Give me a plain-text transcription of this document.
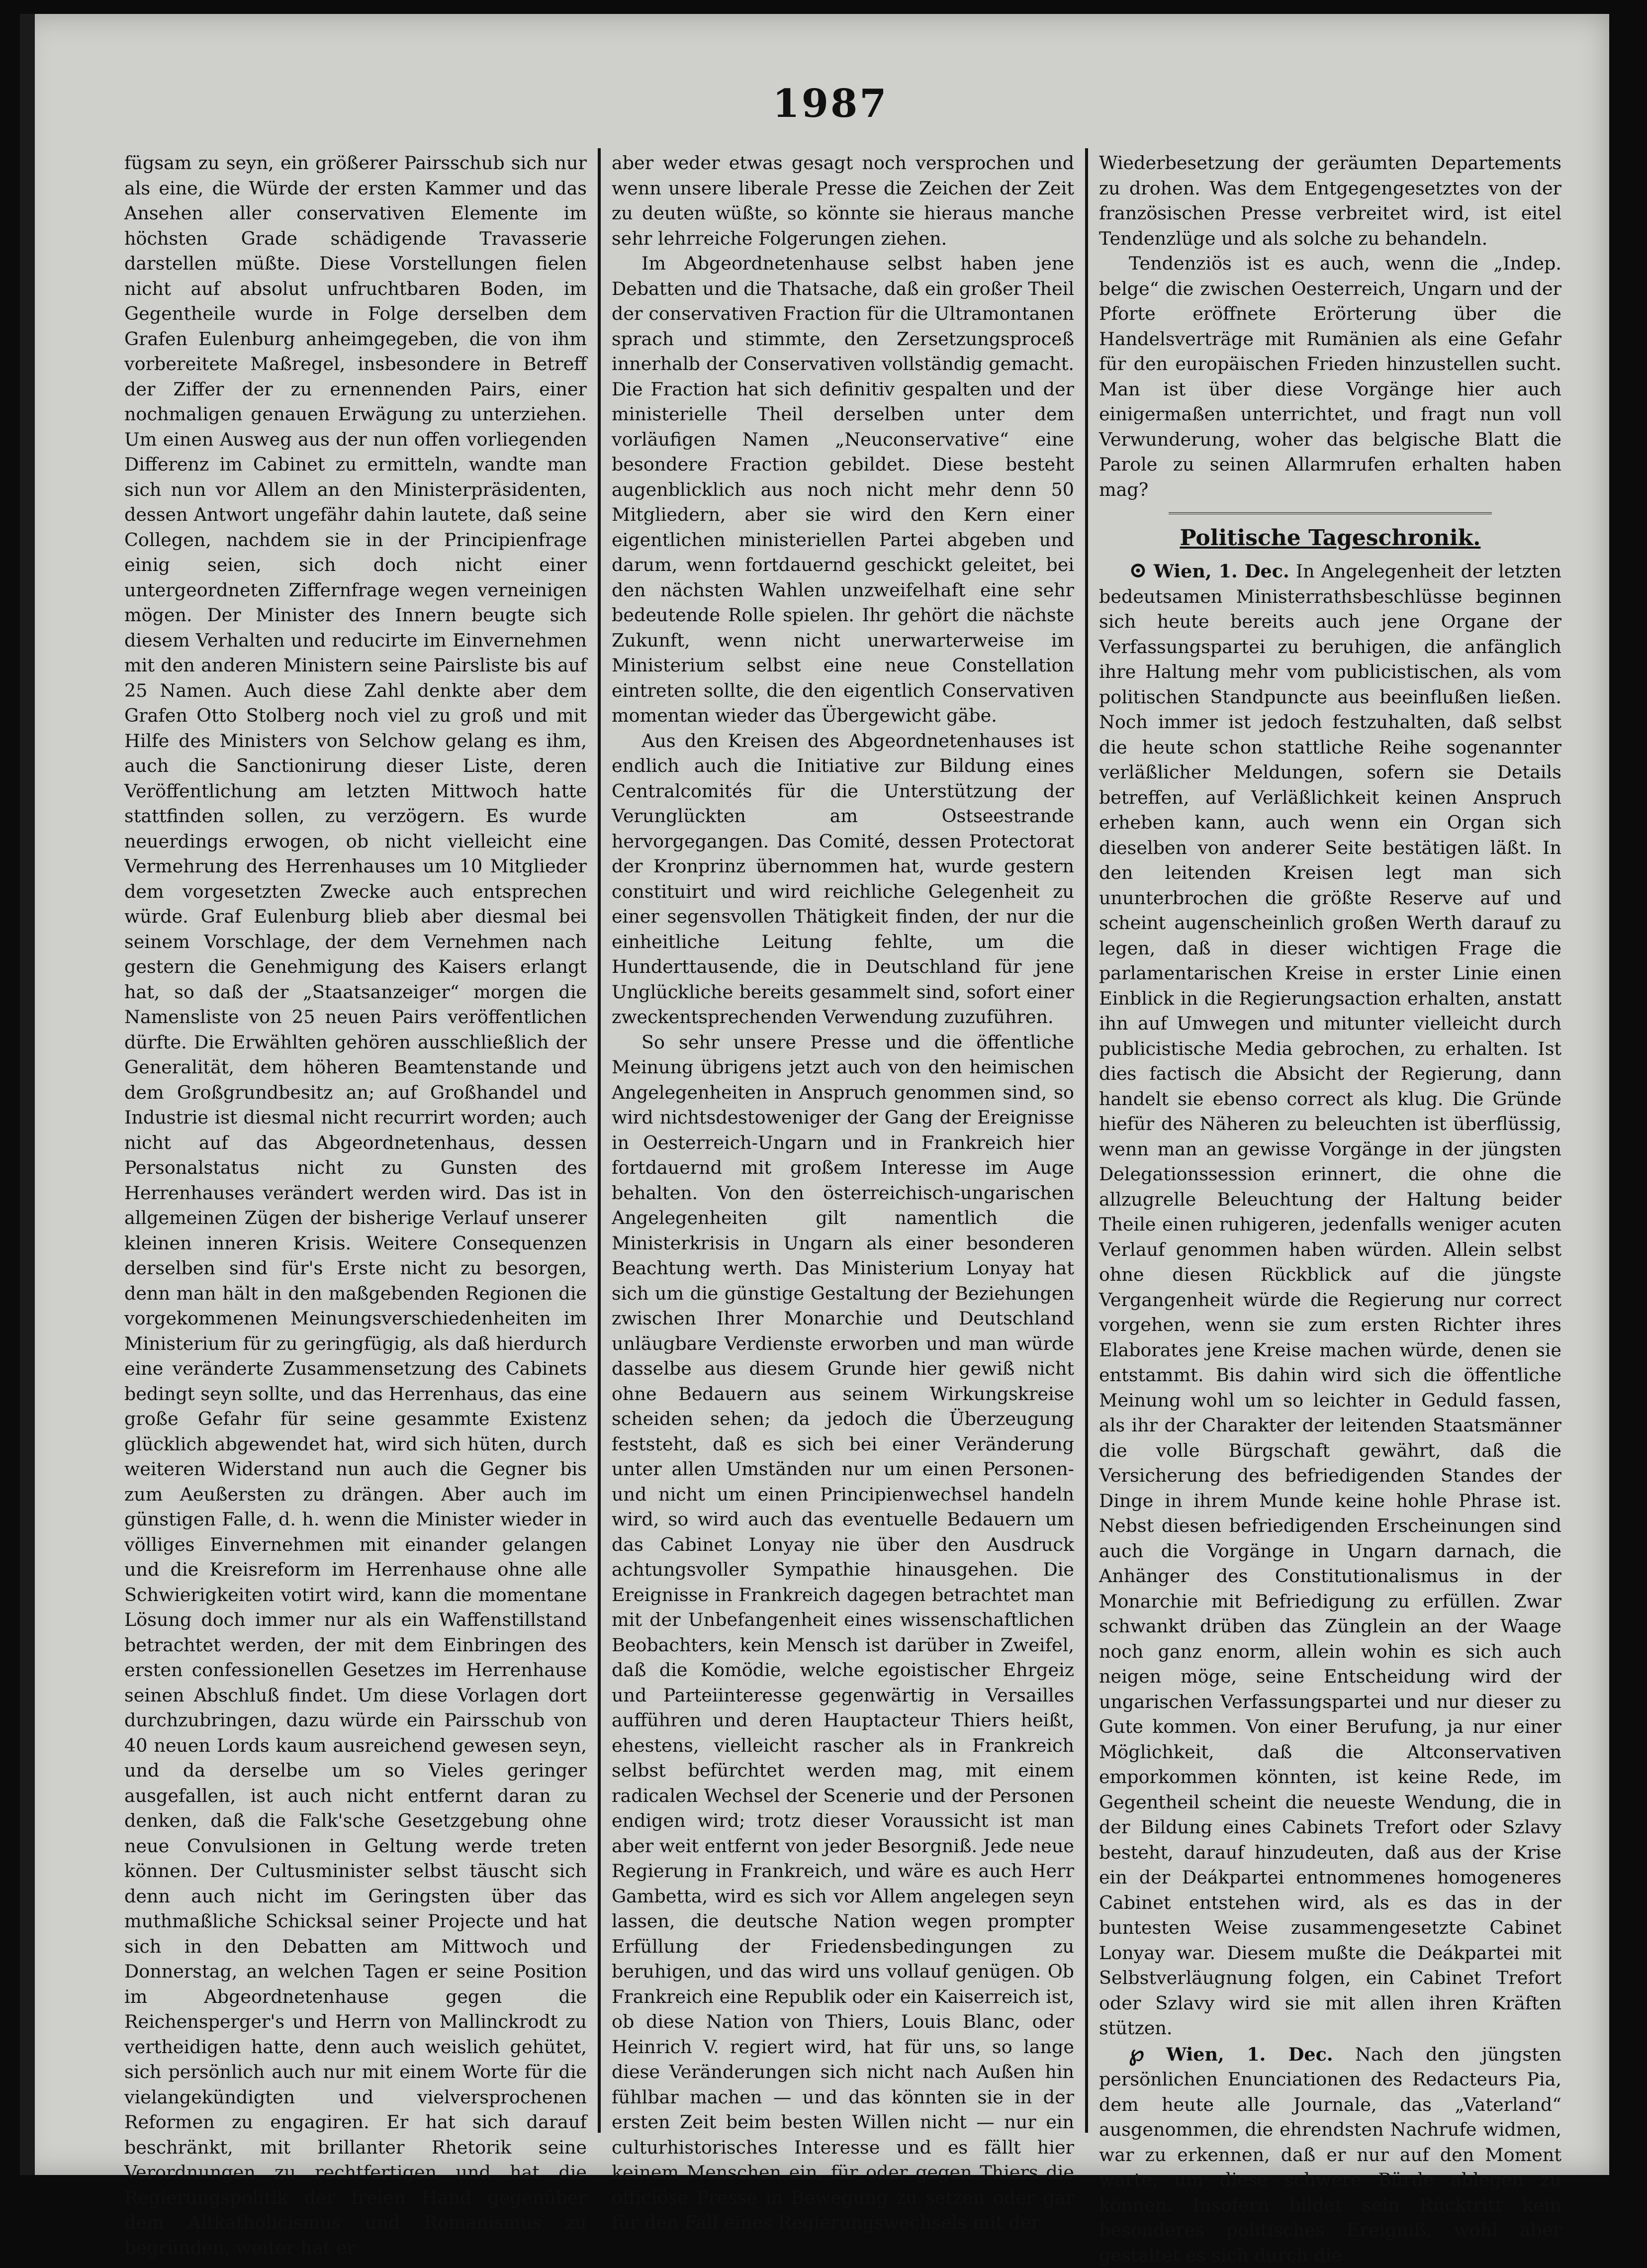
1987

fügsam zu seyn, ein größerer Pairsschub sich nur als eine, die Würde der ersten Kammer und das Ansehen aller conservativen Elemente im höchsten Grade schädigende Travasserie darstellen müßte. Diese Vorstellungen fielen nicht auf absolut unfruchtbaren Boden, im Gegentheile wurde in Folge derselben dem Grafen Eulenburg anheimgegeben, die von ihm vorbereitete Maßregel, insbesondere in Betreff der Ziffer der zu ernennenden Pairs, einer nochmaligen genauen Erwägung zu unterziehen. Um einen Ausweg aus der nun offen vorliegenden Differenz im Cabinet zu ermitteln, wandte man sich nun vor Allem an den Ministerpräsidenten, dessen Antwort ungefähr dahin lautete, daß seine Collegen, nachdem sie in der Principienfrage einig seien, sich doch nicht einer untergeordneten Ziffernfrage wegen verneinigen mögen. Der Minister des Innern beugte sich diesem Verhalten und reducirte im Einvernehmen mit den anderen Ministern seine Pairsliste bis auf 25 Namen. Auch diese Zahl denkte aber dem Grafen Otto Stolberg noch viel zu groß und mit Hilfe des Ministers von Selchow gelang es ihm, auch die Sanctionirung dieser Liste, deren Veröffentlichung am letzten Mittwoch hatte stattfinden sollen, zu verzögern. Es wurde neuerdings erwogen, ob nicht vielleicht eine Vermehrung des Herrenhauses um 10 Mitglieder dem vorgesetzten Zwecke auch entsprechen würde. Graf Eulenburg blieb aber diesmal bei seinem Vorschlage, der dem Vernehmen nach gestern die Genehmigung des Kaisers erlangt hat, so daß der „Staatsanzeiger“ morgen die Namensliste von 25 neuen Pairs veröffentlichen dürfte. Die Erwählten gehören ausschließlich der Generalität, dem höheren Beamtenstande und dem Großgrundbesitz an; auf Großhandel und Industrie ist diesmal nicht recurrirt worden; auch nicht auf das Abgeordnetenhaus, dessen Personalstatus nicht zu Gunsten des Herrenhauses verändert werden wird. Das ist in allgemeinen Zügen der bisherige Verlauf unserer kleinen inneren Krisis. Weitere Consequenzen derselben sind für's Erste nicht zu besorgen, denn man hält in den maßgebenden Regionen die vorgekommenen Meinungsverschiedenheiten im Ministerium für zu geringfügig, als daß hierdurch eine veränderte Zusammensetzung des Cabinets bedingt seyn sollte, und das Herrenhaus, das eine große Gefahr für seine gesammte Existenz glücklich abgewendet hat, wird sich hüten, durch weiteren Widerstand nun auch die Gegner bis zum Aeußersten zu drängen. Aber auch im günstigen Falle, d. h. wenn die Minister wieder in völliges Einvernehmen mit einander gelangen und die Kreisreform im Herrenhause ohne alle Schwierigkeiten votirt wird, kann die momentane Lösung doch immer nur als ein Waffenstillstand betrachtet werden, der mit dem Einbringen des ersten confessionellen Gesetzes im Herrenhause seinen Abschluß findet. Um diese Vorlagen dort durchzubringen, dazu würde ein Pairsschub von 40 neuen Lords kaum ausreichend gewesen seyn, und da derselbe um so Vieles geringer ausgefallen, ist auch nicht entfernt daran zu denken, daß die Falk'sche Gesetzgebung ohne neue Convulsionen in Geltung werde treten können. Der Cultusminister selbst täuscht sich denn auch nicht im Geringsten über das muthmaßliche Schicksal seiner Projecte und hat sich in den Debatten am Mittwoch und Donnerstag, an welchen Tagen er seine Position im Abgeordnetenhause gegen die Reichensperger's und Herrn von Mallinckrodt zu vertheidigen hatte, denn auch weislich gehütet, sich persönlich auch nur mit einem Worte für die vielangekündigten und vielversprochenen Reformen zu engagiren. Er hat sich darauf beschränkt, mit brillanter Rhetorik seine Verordnungen zu rechtfertigen und hat die Regierungspolitik der freien Hand gegenüber dem Altkatholicismus und Romanismus zu begründen, weiter hat er

aber weder etwas gesagt noch versprochen und wenn unsere liberale Presse die Zeichen der Zeit zu deuten wüßte, so könnte sie hieraus manche sehr lehrreiche Folgerungen ziehen.

Im Abgeordnetenhause selbst haben jene Debatten und die Thatsache, daß ein großer Theil der conservativen Fraction für die Ultramontanen sprach und stimmte, den Zersetzungsproceß innerhalb der Conservativen vollständig gemacht. Die Fraction hat sich definitiv gespalten und der ministerielle Theil derselben unter dem vorläufigen Namen „Neuconservative“ eine besondere Fraction gebildet. Diese besteht augenblicklich aus noch nicht mehr denn 50 Mitgliedern, aber sie wird den Kern einer eigentlichen ministeriellen Partei abgeben und darum, wenn fortdauernd geschickt geleitet, bei den nächsten Wahlen unzweifelhaft eine sehr bedeutende Rolle spielen. Ihr gehört die nächste Zukunft, wenn nicht unerwarterweise im Ministerium selbst eine neue Constellation eintreten sollte, die den eigentlich Conservativen momentan wieder das Übergewicht gäbe.

Aus den Kreisen des Abgeordnetenhauses ist endlich auch die Initiative zur Bildung eines Centralcomités für die Unterstützung der Verunglückten am Ostseestrande hervorgegangen. Das Comité, dessen Protectorat der Kronprinz übernommen hat, wurde gestern constituirt und wird reichliche Gelegenheit zu einer segensvollen Thätigkeit finden, der nur die einheitliche Leitung fehlte, um die Hunderttausende, die in Deutschland für jene Unglückliche bereits gesammelt sind, sofort einer zweckentsprechenden Verwendung zuzuführen.

So sehr unsere Presse und die öffentliche Meinung übrigens jetzt auch von den heimischen Angelegenheiten in Anspruch genommen sind, so wird nichtsdestoweniger der Gang der Ereignisse in Oesterreich-Ungarn und in Frankreich hier fortdauernd mit großem Interesse im Auge behalten. Von den österreichisch-ungarischen Angelegenheiten gilt namentlich die Ministerkrisis in Ungarn als einer besonderen Beachtung werth. Das Ministerium Lonyay hat sich um die günstige Gestaltung der Beziehungen zwischen Ihrer Monarchie und Deutschland unläugbare Verdienste erworben und man würde dasselbe aus diesem Grunde hier gewiß nicht ohne Bedauern aus seinem Wirkungskreise scheiden sehen; da jedoch die Überzeugung feststeht, daß es sich bei einer Veränderung unter allen Umständen nur um einen Personen- und nicht um einen Principienwechsel handeln wird, so wird auch das eventuelle Bedauern um das Cabinet Lonyay nie über den Ausdruck achtungsvoller Sympathie hinausgehen. Die Ereignisse in Frankreich dagegen betrachtet man mit der Unbefangenheit eines wissenschaftlichen Beobachters, kein Mensch ist darüber in Zweifel, daß die Komödie, welche egoistischer Ehrgeiz und Parteiinteresse gegenwärtig in Versailles aufführen und deren Hauptacteur Thiers heißt, ehestens, vielleicht rascher als in Frankreich selbst befürchtet werden mag, mit einem radicalen Wechsel der Scenerie und der Personen endigen wird; trotz dieser Voraussicht ist man aber weit entfernt von jeder Besorgniß. Jede neue Regierung in Frankreich, und wäre es auch Herr Gambetta, wird es sich vor Allem angelegen seyn lassen, die deutsche Nation wegen prompter Erfüllung der Friedensbedingungen zu beruhigen, und das wird uns vollauf genügen. Ob Frankreich eine Republik oder ein Kaiserreich ist, ob diese Nation von Thiers, Louis Blanc, oder Heinrich V. regiert wird, hat für uns, so lange diese Veränderungen sich nicht nach Außen hin fühlbar machen — und das könnten sie in der ersten Zeit beim besten Willen nicht — nur ein culturhistorisches Interesse und es fällt hier keinem Menschen ein, für oder gegen Thiers die officiöse Presse in Bewegung zu setzen oder gar für den Fall eines Regierungswechsels mit der

Wiederbesetzung der geräumten Departements zu drohen. Was dem Entgegengesetztes von der französischen Presse verbreitet wird, ist eitel Tendenzlüge und als solche zu behandeln.

Tendenziös ist es auch, wenn die „Indep. belge“ die zwischen Oesterreich, Ungarn und der Pforte eröffnete Erörterung über die Handelsverträge mit Rumänien als eine Gefahr für den europäischen Frieden hinzustellen sucht. Man ist über diese Vorgänge hier auch einigermaßen unterrichtet, und fragt nun voll Verwunderung, woher das belgische Blatt die Parole zu seinen Allarmrufen erhalten haben mag?

Politische Tageschronik.

⊙ Wien, 1. Dec. In Angelegenheit der letzten bedeutsamen Ministerrathsbeschlüsse beginnen sich heute bereits auch jene Organe der Verfassungspartei zu beruhigen, die anfänglich ihre Haltung mehr vom publicistischen, als vom politischen Standpuncte aus beeinflußen ließen. Noch immer ist jedoch festzuhalten, daß selbst die heute schon stattliche Reihe sogenannter verläßlicher Meldungen, sofern sie Details betreffen, auf Verläßlichkeit keinen Anspruch erheben kann, auch wenn ein Organ sich dieselben von anderer Seite bestätigen läßt. In den leitenden Kreisen legt man sich ununterbrochen die größte Reserve auf und scheint augenscheinlich großen Werth darauf zu legen, daß in dieser wichtigen Frage die parlamentarischen Kreise in erster Linie einen Einblick in die Regierungsaction erhalten, anstatt ihn auf Umwegen und mitunter vielleicht durch publicistische Media gebrochen, zu erhalten. Ist dies factisch die Absicht der Regierung, dann handelt sie ebenso correct als klug. Die Gründe hiefür des Näheren zu beleuchten ist überflüssig, wenn man an gewisse Vorgänge in der jüngsten Delegationssession erinnert, die ohne die allzugrelle Beleuchtung der Haltung beider Theile einen ruhigeren, jedenfalls weniger acuten Verlauf genommen haben würden. Allein selbst ohne diesen Rückblick auf die jüngste Vergangenheit würde die Regierung nur correct vorgehen, wenn sie zum ersten Richter ihres Elaborates jene Kreise machen würde, denen sie entstammt. Bis dahin wird sich die öffentliche Meinung wohl um so leichter in Geduld fassen, als ihr der Charakter der leitenden Staatsmänner die volle Bürgschaft gewährt, daß die Versicherung des befriedigenden Standes der Dinge in ihrem Munde keine hohle Phrase ist. Nebst diesen befriedigenden Erscheinungen sind auch die Vorgänge in Ungarn darnach, die Anhänger des Constitutionalismus in der Monarchie mit Befriedigung zu erfüllen. Zwar schwankt drüben das Zünglein an der Waage noch ganz enorm, allein wohin es sich auch neigen möge, seine Entscheidung wird der ungarischen Verfassungspartei und nur dieser zu Gute kommen. Von einer Berufung, ja nur einer Möglichkeit, daß die Altconservativen emporkommen könnten, ist keine Rede, im Gegentheil scheint die neueste Wendung, die in der Bildung eines Cabinets Trefort oder Szlavy besteht, darauf hinzudeuten, daß aus der Krise ein der Deákpartei entnommenes homogeneres Cabinet entstehen wird, als es das in der buntesten Weise zusammengesetzte Cabinet Lonyay war. Diesem mußte die Deákpartei mit Selbstverläugnung folgen, ein Cabinet Trefort oder Szlavy wird sie mit allen ihren Kräften stützen.

℘ Wien, 1. Dec. Nach den jüngsten persönlichen Enunciationen des Redacteurs Pia, dem heute alle Journale, das „Vaterland“ ausgenommen, die ehrendsten Nachrufe widmen, war zu erkennen, daß er nur auf den Moment warte, um diese schwere Bürde ablegen zu können. Insofern bildet sein Rücktritt kein besonderes politisches Ereigniß, wohl aber gestaltet es sich durch die
